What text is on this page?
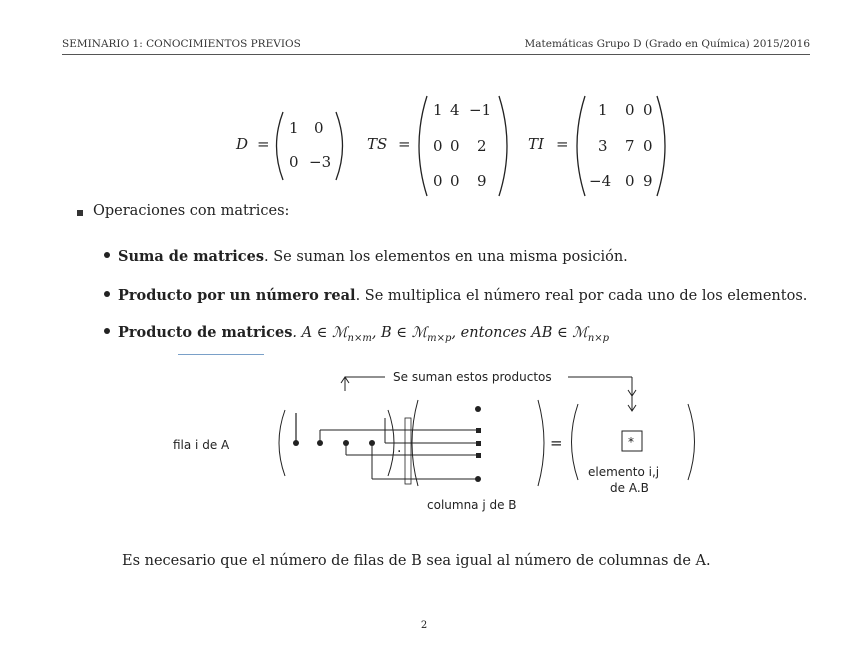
SEMINARIO 1: CONOCIMIENTOS PREVIOS	Matemáticas Grupo D (Grado en Química) 2015/2016
D =
1 0
0 −3
TS =
1 4 −1
0 0 2
0 0 9
TI =
1 0 0
3 7 0
−4 0 9
Operaciones con matrices:
Suma de matrices. Se suman los elementos en una misma posición.
Producto por un número real. Se multiplica el número real por cada uno de los elementos.
Producto de matrices. A ∈ ℳ$_{n\times m}$, B ∈ ℳ$_{m\times p}$, entonces AB ∈ ℳ$_{n\times p}$
Se suman estos productos
fila i de A	.
columna j de B
=	*
elemento i,j
de A.B
Es necesario que el número de filas de B sea igual al número de columnas de A.
2
